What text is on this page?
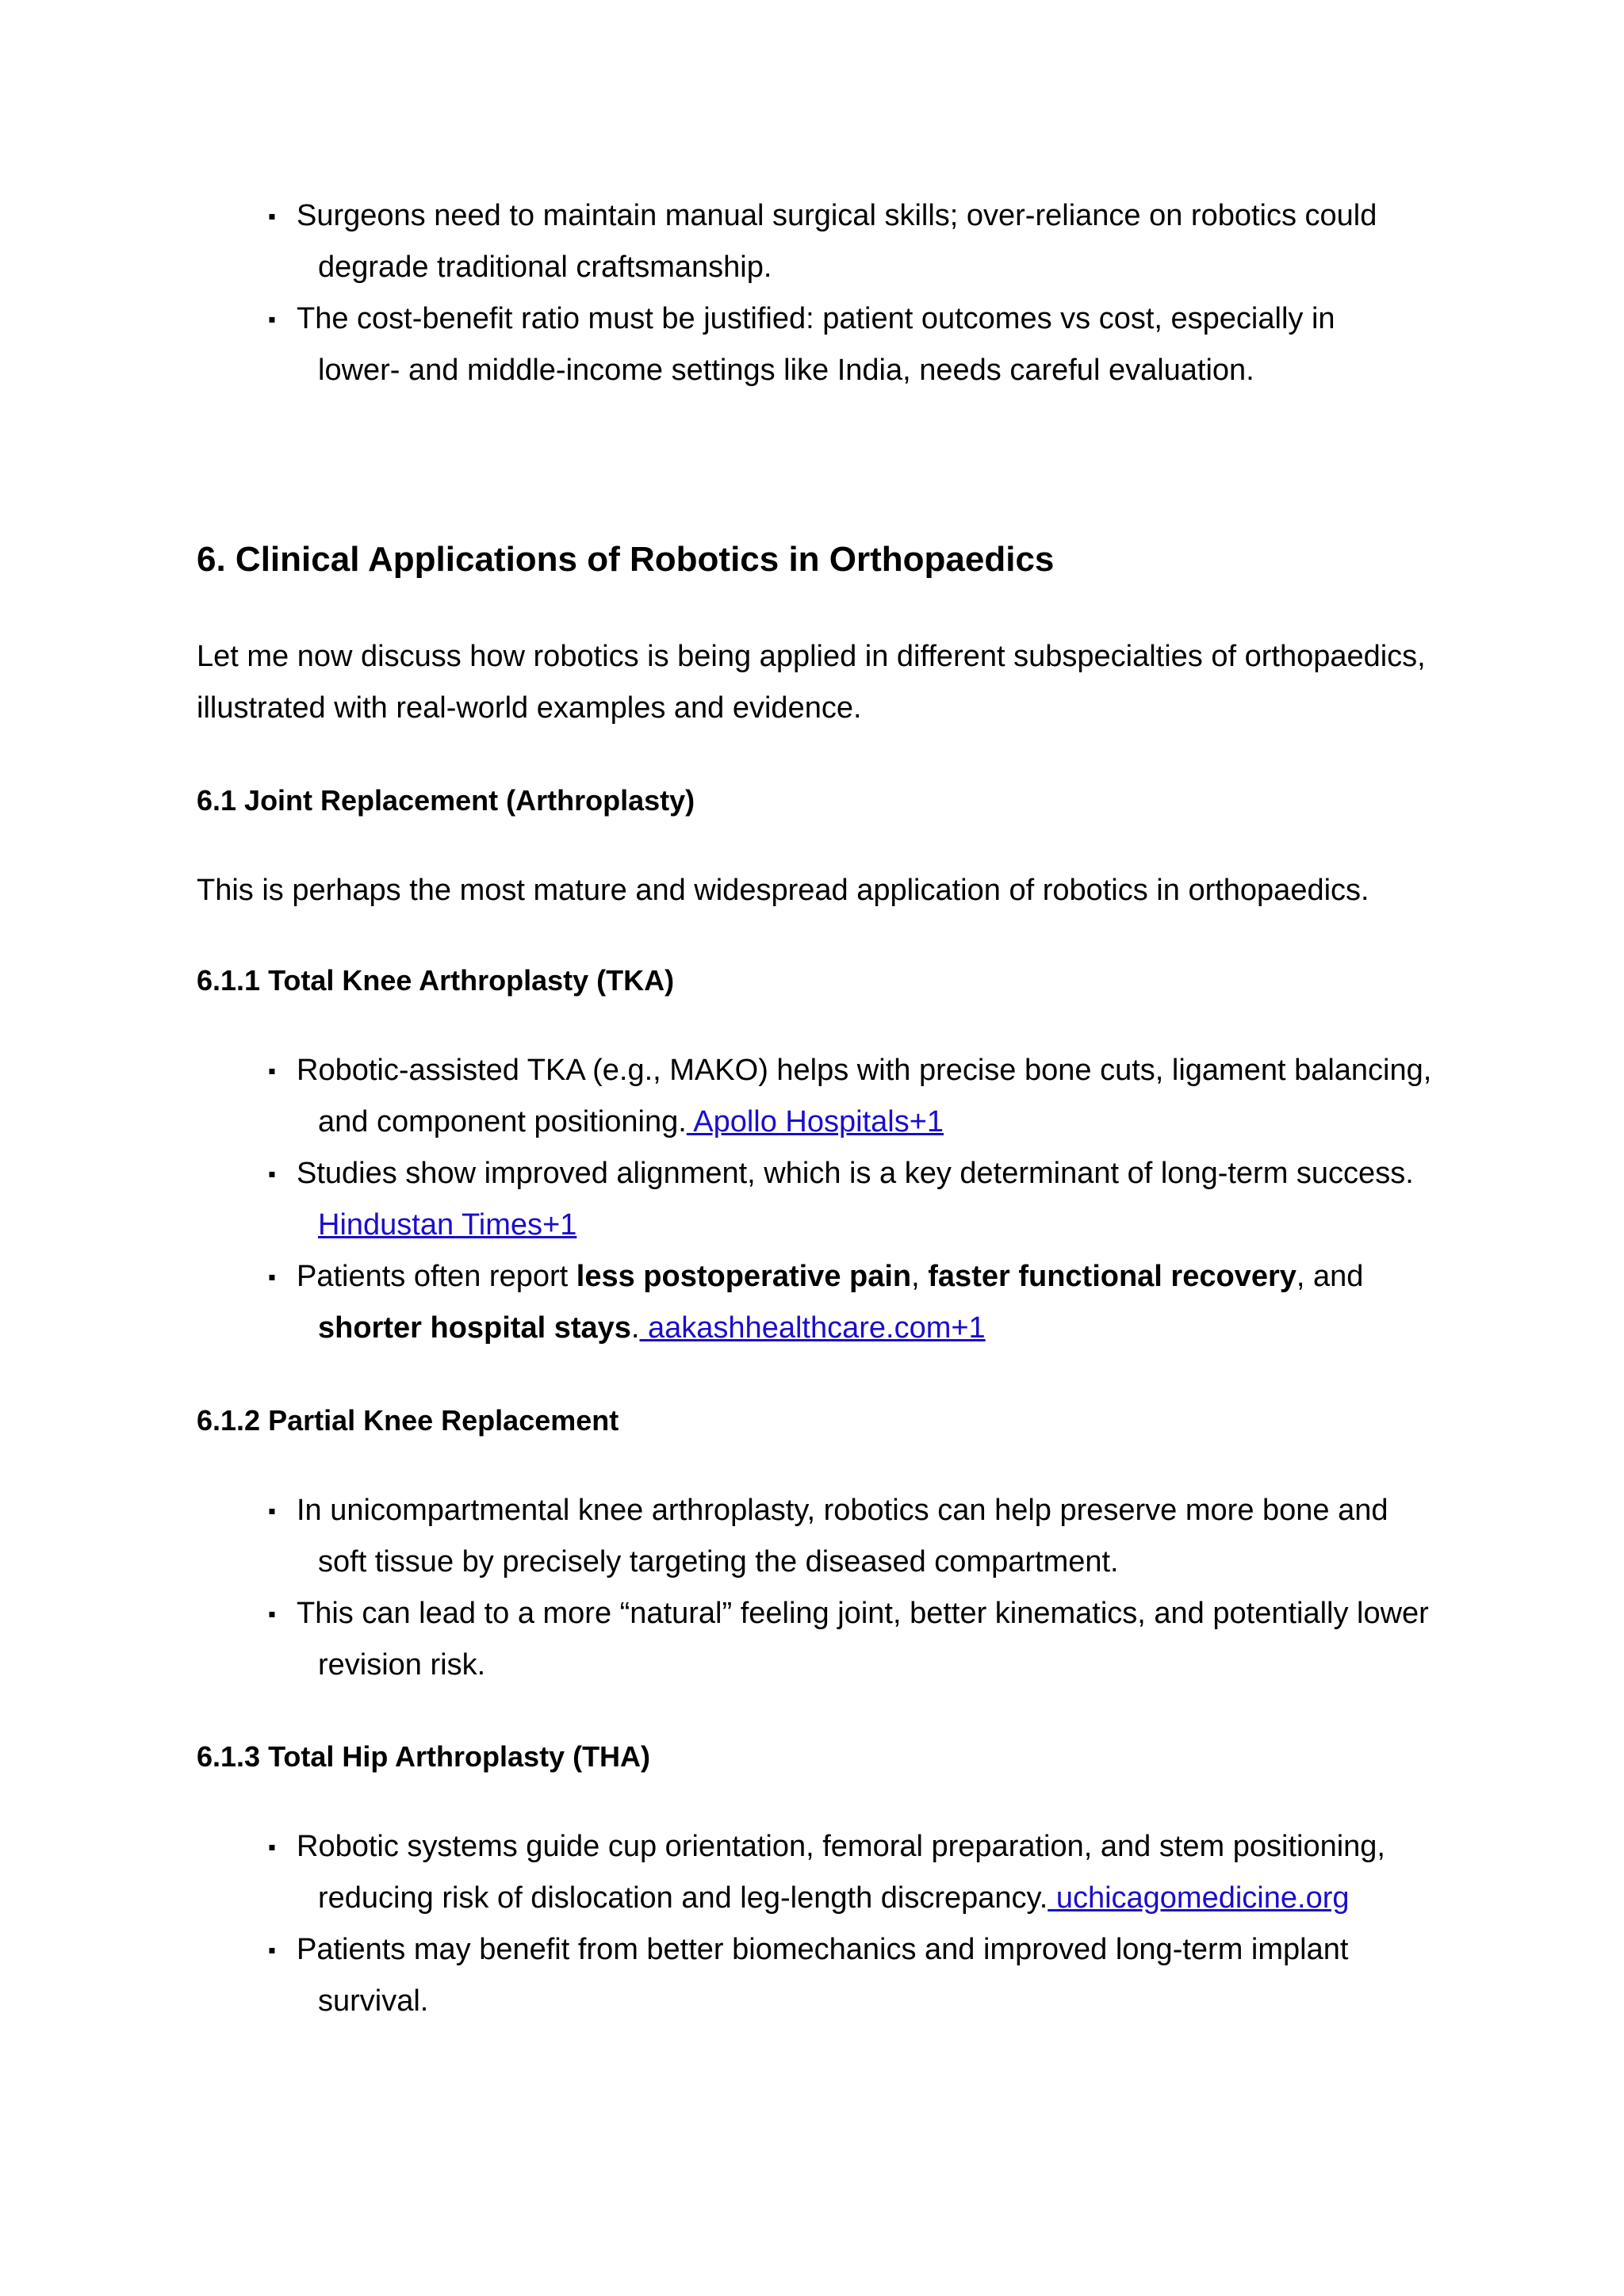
▪ Surgeons need to maintain manual surgical skills; over-reliance on robotics could
degrade traditional craftsmanship.
▪ The cost-benefit ratio must be justified: patient outcomes vs cost, especially in
lower- and middle-income settings like India, needs careful evaluation.
6. Clinical Applications of Robotics in Orthopaedics

Let me now discuss how robotics is being applied in different subspecialties of orthopaedics,
illustrated with real-world examples and evidence.

6.1 Joint Replacement (Arthroplasty)

This is perhaps the most mature and widespread application of robotics in orthopaedics.

6.1.1 Total Knee Arthroplasty (TKA)
▪ Robotic-assisted TKA (e.g., MAKO) helps with precise bone cuts, ligament balancing,
and component positioning. Apollo Hospitals+1
▪ Studies show improved alignment, which is a key determinant of long-term success.
Hindustan Times+1
▪ Patients often report less postoperative pain, faster functional recovery, and
shorter hospital stays. aakashhealthcare.com+1
6.1.2 Partial Knee Replacement
▪ In unicompartmental knee arthroplasty, robotics can help preserve more bone and
soft tissue by precisely targeting the diseased compartment.
▪ This can lead to a more “natural” feeling joint, better kinematics, and potentially lower
revision risk.
6.1.3 Total Hip Arthroplasty (THA)
▪ Robotic systems guide cup orientation, femoral preparation, and stem positioning,
reducing risk of dislocation and leg-length discrepancy. uchicagomedicine.org
▪ Patients may benefit from better biomechanics and improved long-term implant
survival.
